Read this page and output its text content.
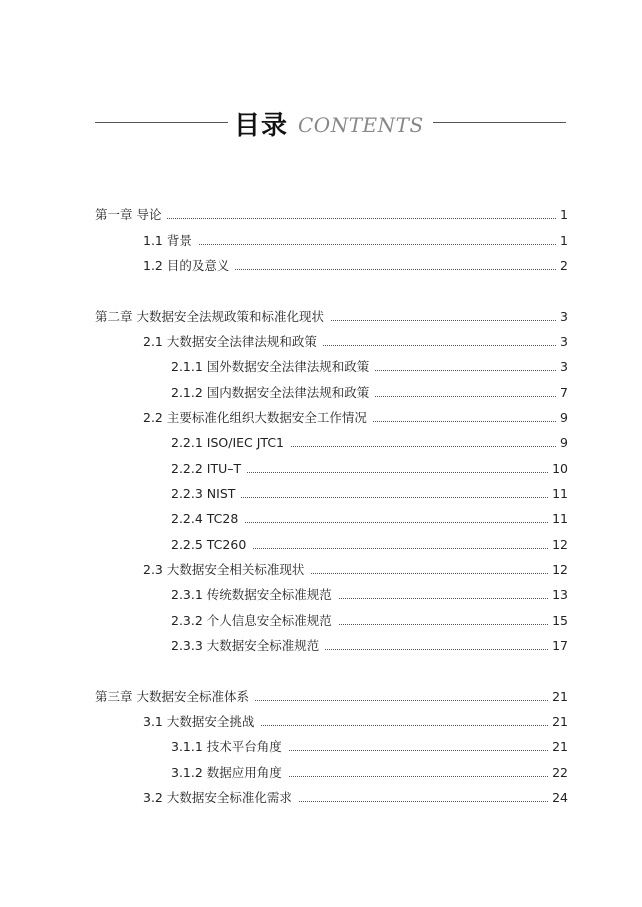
目录 CONTENTS
第一章 导论	1
1.1 背景	1
1.2 目的及意义	2
第二章 大数据安全法规政策和标准化现状	3
2.1 大数据安全法律法规和政策	3
2.1.1 国外数据安全法律法规和政策	3
2.1.2 国内数据安全法律法规和政策	7
2.2 主要标准化组织大数据安全工作情况	9
2.2.1 ISO/IEC JTC1	9
2.2.2 ITU–T	10
2.2.3 NIST	11
2.2.4 TC28	11
2.2.5 TC260	12
2.3 大数据安全相关标准现状	12
2.3.1 传统数据安全标准规范	13
2.3.2 个人信息安全标准规范	15
2.3.3 大数据安全标准规范	17
第三章 大数据安全标准体系	21
3.1 大数据安全挑战	21
3.1.1 技术平台角度	21
3.1.2 数据应用角度	22
3.2 大数据安全标准化需求	24
